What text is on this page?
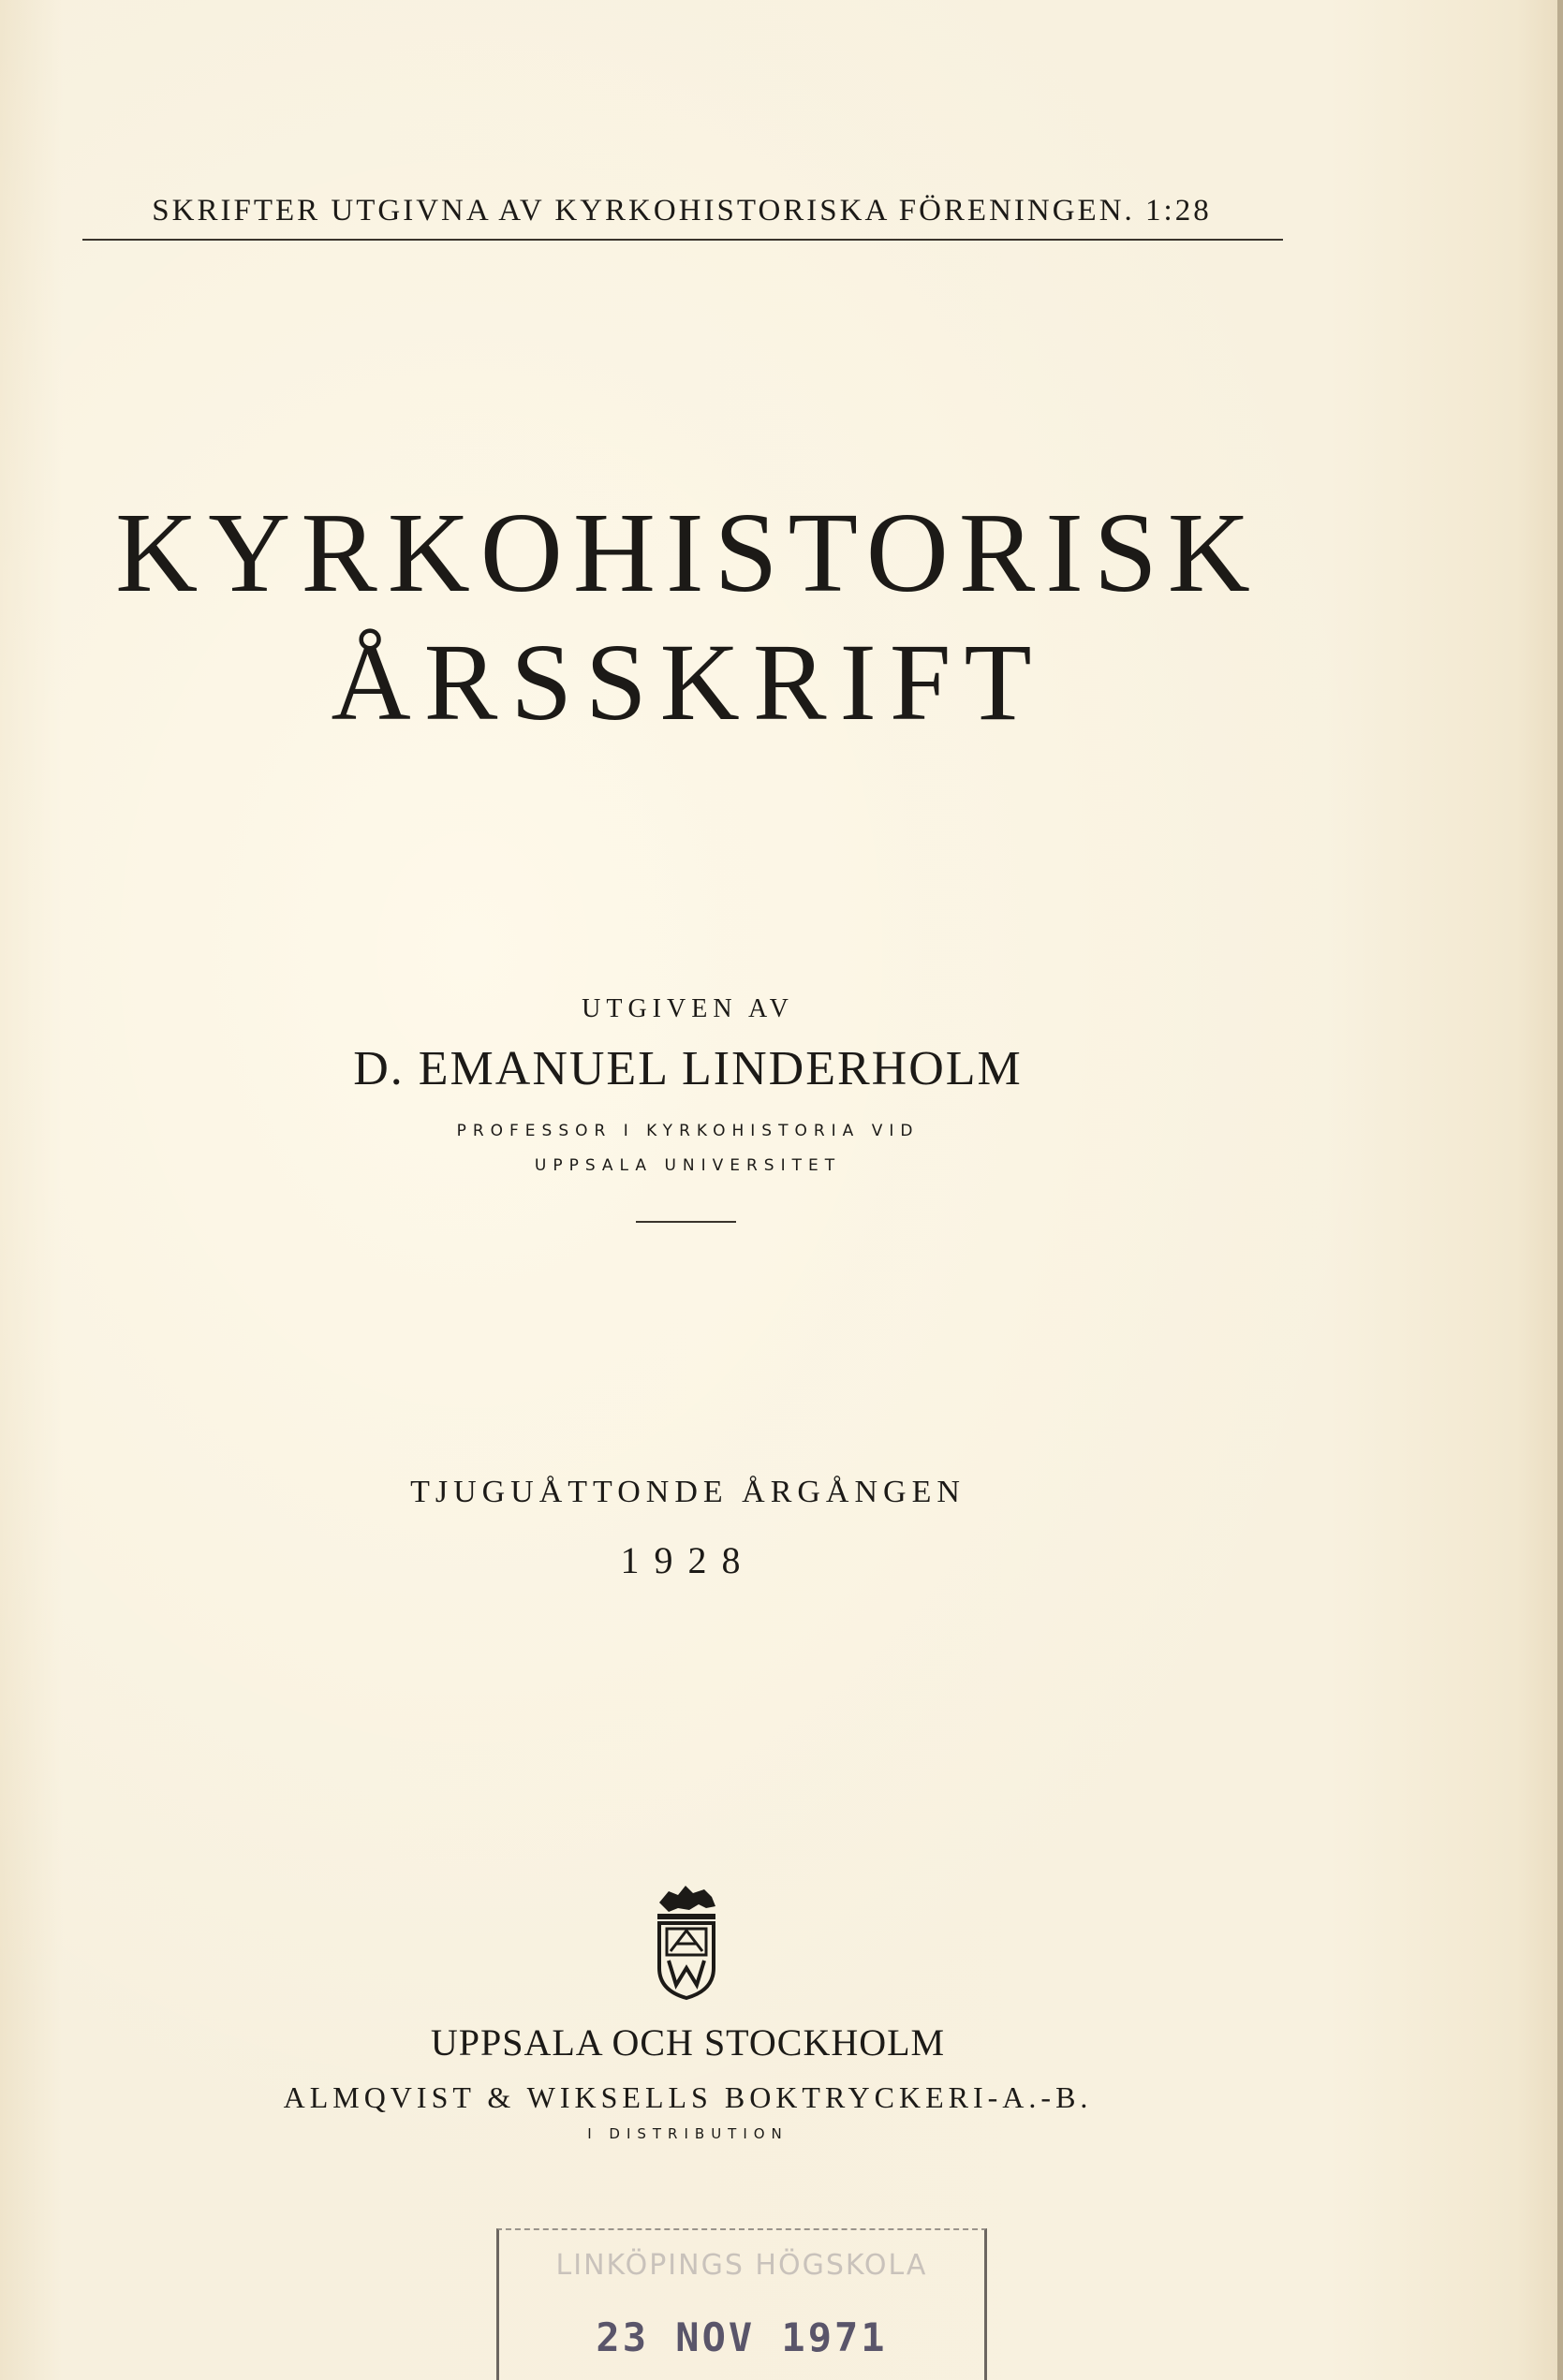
SKRIFTER UTGIVNA AV KYRKOHISTORISKA FÖRENINGEN. 1:28
KYRKOHISTORISK
ÅRSSKRIFT
UTGIVEN AV
D. EMANUEL LINDERHOLM
PROFESSOR I KYRKOHISTORIA VID
UPPSALA UNIVERSITET
TJUGUÅTTONDE ÅRGÅNGEN
1928
UPPSALA OCH STOCKHOLM
ALMQVIST & WIKSELLS BOKTRYCKERI-A.-B.
I DISTRIBUTION
LINKÖPINGS HÖGSKOLA
23 NOV 1971
